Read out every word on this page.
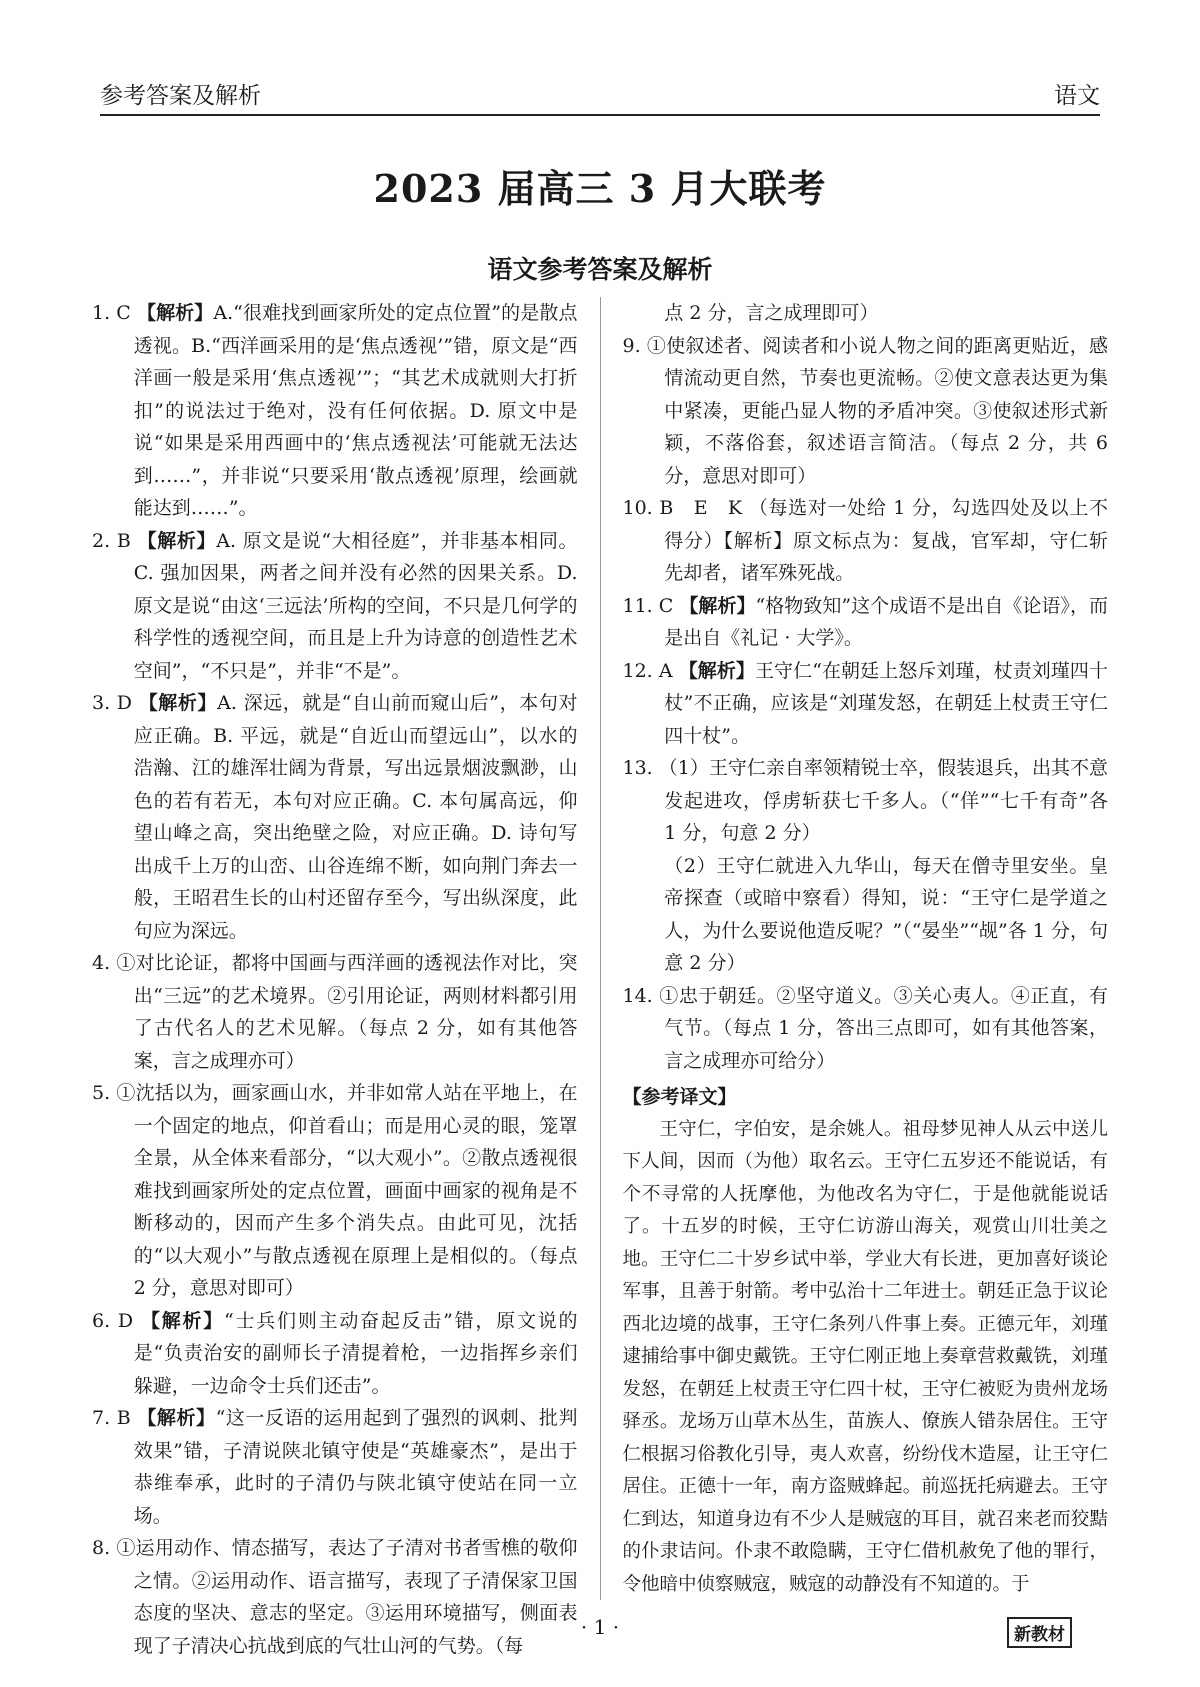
参考答案及解析	语文
2023 届高三 3 月大联考
语文参考答案及解析

1. C 【解析】A.“很难找到画家所处的定点位置”的是散点透视。B.“西洋画采用的是‘焦点透视’”错，原文是“西洋画一般是采用‘焦点透视’”；“其艺术成就则大打折扣”的说法过于绝对，没有任何依据。D. 原文中是说“如果是采用西画中的‘焦点透视法’可能就无法达到……”，并非说“只要采用‘散点透视’原理，绘画就能达到……”。

2. B 【解析】A. 原文是说“大相径庭”，并非基本相同。C. 强加因果，两者之间并没有必然的因果关系。D. 原文是说“由这‘三远法’所构的空间，不只是几何学的科学性的透视空间，而且是上升为诗意的创造性艺术空间”，“不只是”，并非“不是”。

3. D 【解析】A. 深远，就是“自山前而窥山后”，本句对应正确。B. 平远，就是“自近山而望远山”，以水的浩瀚、江的雄浑壮阔为背景，写出远景烟波飘渺，山色的若有若无，本句对应正确。C. 本句属高远，仰望山峰之高，突出绝壁之险，对应正确。D. 诗句写出成千上万的山峦、山谷连绵不断，如向荆门奔去一般，王昭君生长的山村还留存至今，写出纵深度，此句应为深远。

4. ①对比论证，都将中国画与西洋画的透视法作对比，突出“三远”的艺术境界。②引用论证，两则材料都引用了古代名人的艺术见解。（每点 2 分，如有其他答案，言之成理亦可）

5. ①沈括以为，画家画山水，并非如常人站在平地上，在一个固定的地点，仰首看山；而是用心灵的眼，笼罩全景，从全体来看部分，“以大观小”。②散点透视很难找到画家所处的定点位置，画面中画家的视角是不断移动的，因而产生多个消失点。由此可见，沈括的“以大观小”与散点透视在原理上是相似的。（每点 2 分，意思对即可）

6. D 【解析】“士兵们则主动奋起反击”错，原文说的是“负责治安的副师长子清提着枪，一边指挥乡亲们躲避，一边命令士兵们还击”。

7. B 【解析】“这一反语的运用起到了强烈的讽刺、批判效果”错，子清说陕北镇守使是“英雄豪杰”，是出于恭维奉承，此时的子清仍与陕北镇守使站在同一立场。

8. ①运用动作、情态描写，表达了子清对书者雪樵的敬仰之情。②运用动作、语言描写，表现了子清保家卫国态度的坚决、意志的坚定。③运用环境描写，侧面表现了子清决心抗战到底的气壮山河的气势。（每

点 2 分，言之成理即可）

9. ①使叙述者、阅读者和小说人物之间的距离更贴近，感情流动更自然，节奏也更流畅。②使文意表达更为集中紧凑，更能凸显人物的矛盾冲突。③使叙述形式新颖，不落俗套，叙述语言简洁。（每点 2 分，共 6 分，意思对即可）

10. B　E　K （每选对一处给 1 分，勾选四处及以上不得分）【解析】原文标点为：复战，官军却，守仁斩先却者，诸军殊死战。

11. C 【解析】“格物致知”这个成语不是出自《论语》，而是出自《礼记 · 大学》。

12. A 【解析】王守仁“在朝廷上怒斥刘瑾，杖责刘瑾四十杖”不正确，应该是“刘瑾发怒，在朝廷上杖责王守仁四十杖”。

13. （1）王守仁亲自率领精锐士卒，假装退兵，出其不意发起进攻，俘虏斩获七千多人。（“佯”“七千有奇”各 1 分，句意 2 分）

（2）王守仁就进入九华山，每天在僧寺里安坐。皇帝探查（或暗中察看）得知，说：“王守仁是学道之人，为什么要说他造反呢？”（“晏坐”“觇”各 1 分，句意 2 分）

14. ①忠于朝廷。②坚守道义。③关心夷人。④正直，有气节。（每点 1 分，答出三点即可，如有其他答案，言之成理亦可给分）

【参考译文】

王守仁，字伯安，是余姚人。祖母梦见神人从云中送儿下人间，因而（为他）取名云。王守仁五岁还不能说话，有个不寻常的人抚摩他，为他改名为守仁，于是他就能说话了。十五岁的时候，王守仁访游山海关，观赏山川壮美之地。王守仁二十岁乡试中举，学业大有长进，更加喜好谈论军事，且善于射箭。考中弘治十二年进士。朝廷正急于议论西北边境的战事，王守仁条列八件事上奏。正德元年，刘瑾逮捕给事中御史戴铣。王守仁刚正地上奏章营救戴铣，刘瑾发怒，在朝廷上杖责王守仁四十杖，王守仁被贬为贵州龙场驿丞。龙场万山草木丛生，苗族人、僚族人错杂居住。王守仁根据习俗教化引导，夷人欢喜，纷纷伐木造屋，让王守仁居住。正德十一年，南方盗贼蜂起。前巡抚托病避去。王守仁到达，知道身边有不少人是贼寇的耳目，就召来老而狡黠的仆隶诘问。仆隶不敢隐瞒，王守仁借机赦免了他的罪行，令他暗中侦察贼寇，贼寇的动静没有不知道的。于

· 1 ·	新教材
